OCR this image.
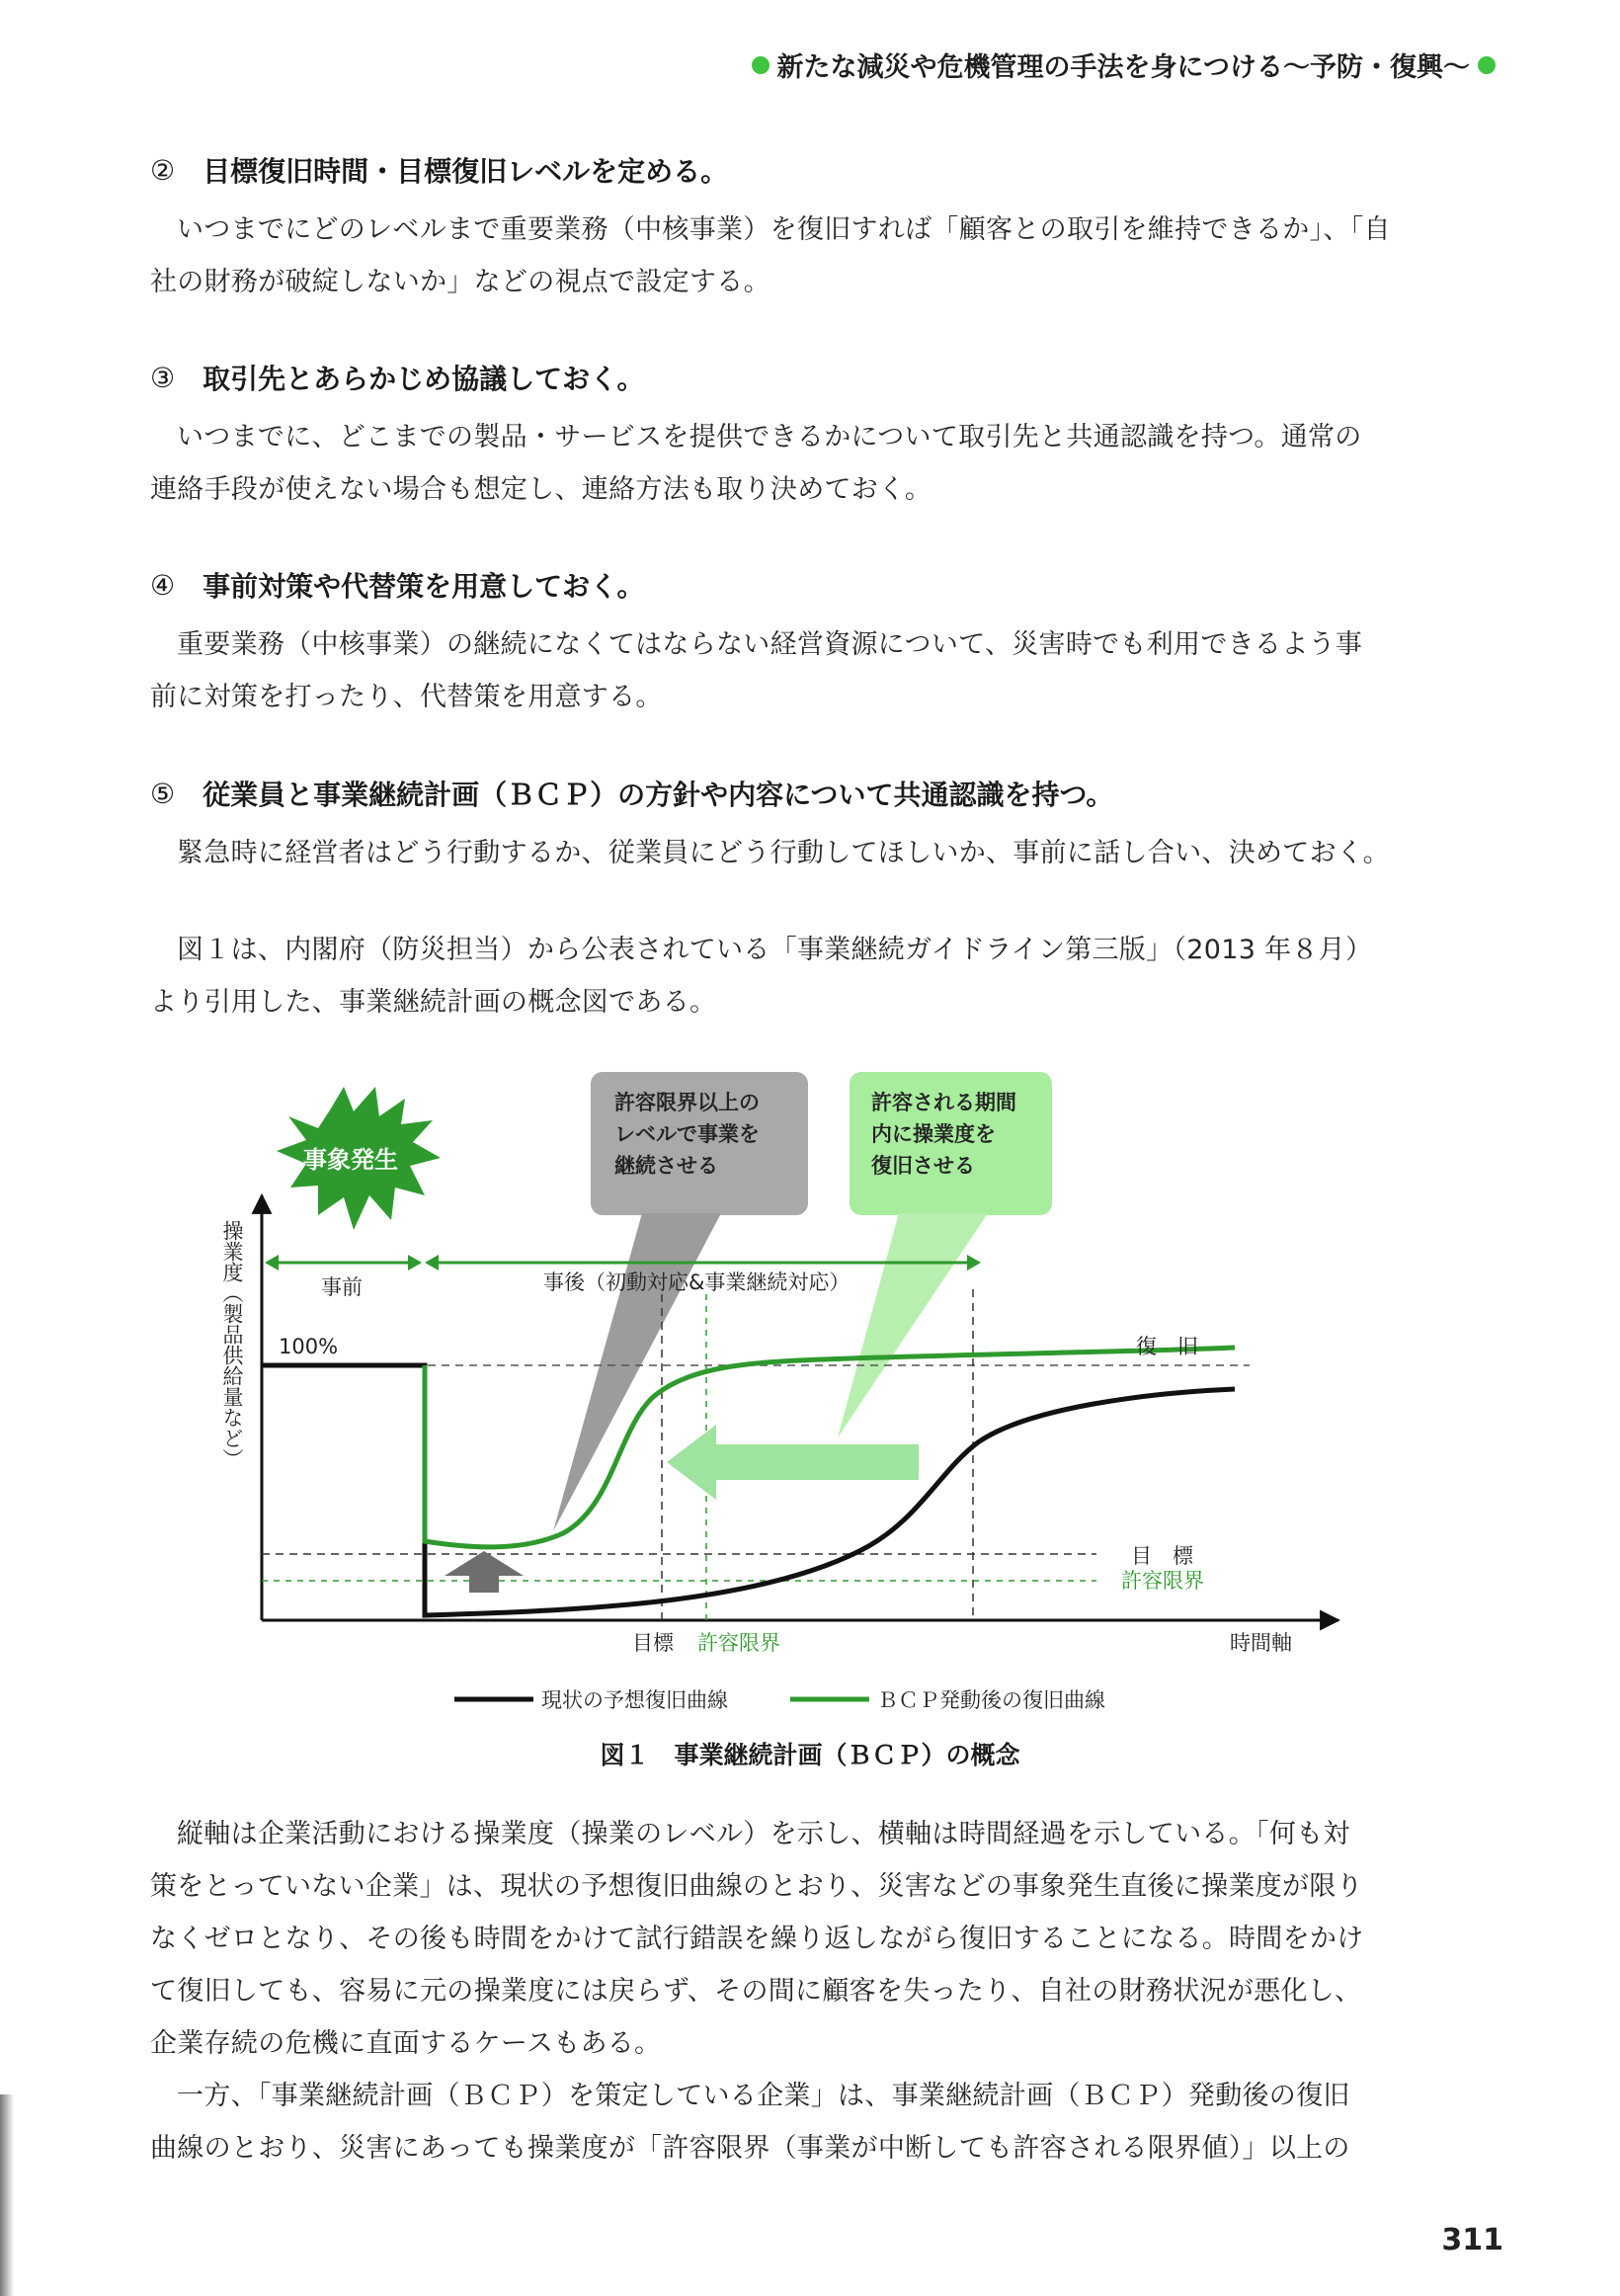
新たな減災や危機管理の手法を身につける〜予防・復興〜
② 目標復旧時間・目標復旧レベルを定める。

いつまでにどのレベルまで重要業務（中核事業）を復旧すれば「顧客との取引を維持できるか」、「自

社の財務が破綻しないか」などの視点で設定する。

③ 取引先とあらかじめ協議しておく。

いつまでに、どこまでの製品・サービスを提供できるかについて取引先と共通認識を持つ。通常の

連絡手段が使えない場合も想定し、連絡方法も取り決めておく。

④ 事前対策や代替策を用意しておく。

重要業務（中核事業）の継続になくてはならない経営資源について、災害時でも利用できるよう事

前に対策を打ったり、代替策を用意する。

⑤ 従業員と事業継続計画（ＢＣＰ）の方針や内容について共通認識を持つ。

緊急時に経営者はどう行動するか、従業員にどう行動してほしいか、事前に話し合い、決めておく。

図１は、内閣府（防災担当）から公表されている「事業継続ガイドライン第三版」（2013 年８月）

より引用した、事業継続計画の概念図である。

許容限界以上の
レベルで事業を
継続させる
許容される期間
内に操業度を
復旧させる
事象発生
操業度（製品供給量など）	事前	事後（初動対応&事業継続対応）
100%	復　旧
目　標
許容限界
目標 許容限界	時間軸
現状の予想復旧曲線	ＢＣＰ発動後の復旧曲線
図１　事業継続計画（ＢＣＰ）の概念

縦軸は企業活動における操業度（操業のレベル）を示し、横軸は時間経過を示している。「何も対

策をとっていない企業」は、現状の予想復旧曲線のとおり、災害などの事象発生直後に操業度が限り

なくゼロとなり、その後も時間をかけて試行錯誤を繰り返しながら復旧することになる。時間をかけ

て復旧しても、容易に元の操業度には戻らず、その間に顧客を失ったり、自社の財務状況が悪化し、

企業存続の危機に直面するケースもある。

一方、「事業継続計画（ＢＣＰ）を策定している企業」は、事業継続計画（ＢＣＰ）発動後の復旧

曲線のとおり、災害にあっても操業度が「許容限界（事業が中断しても許容される限界値）」以上の

311
